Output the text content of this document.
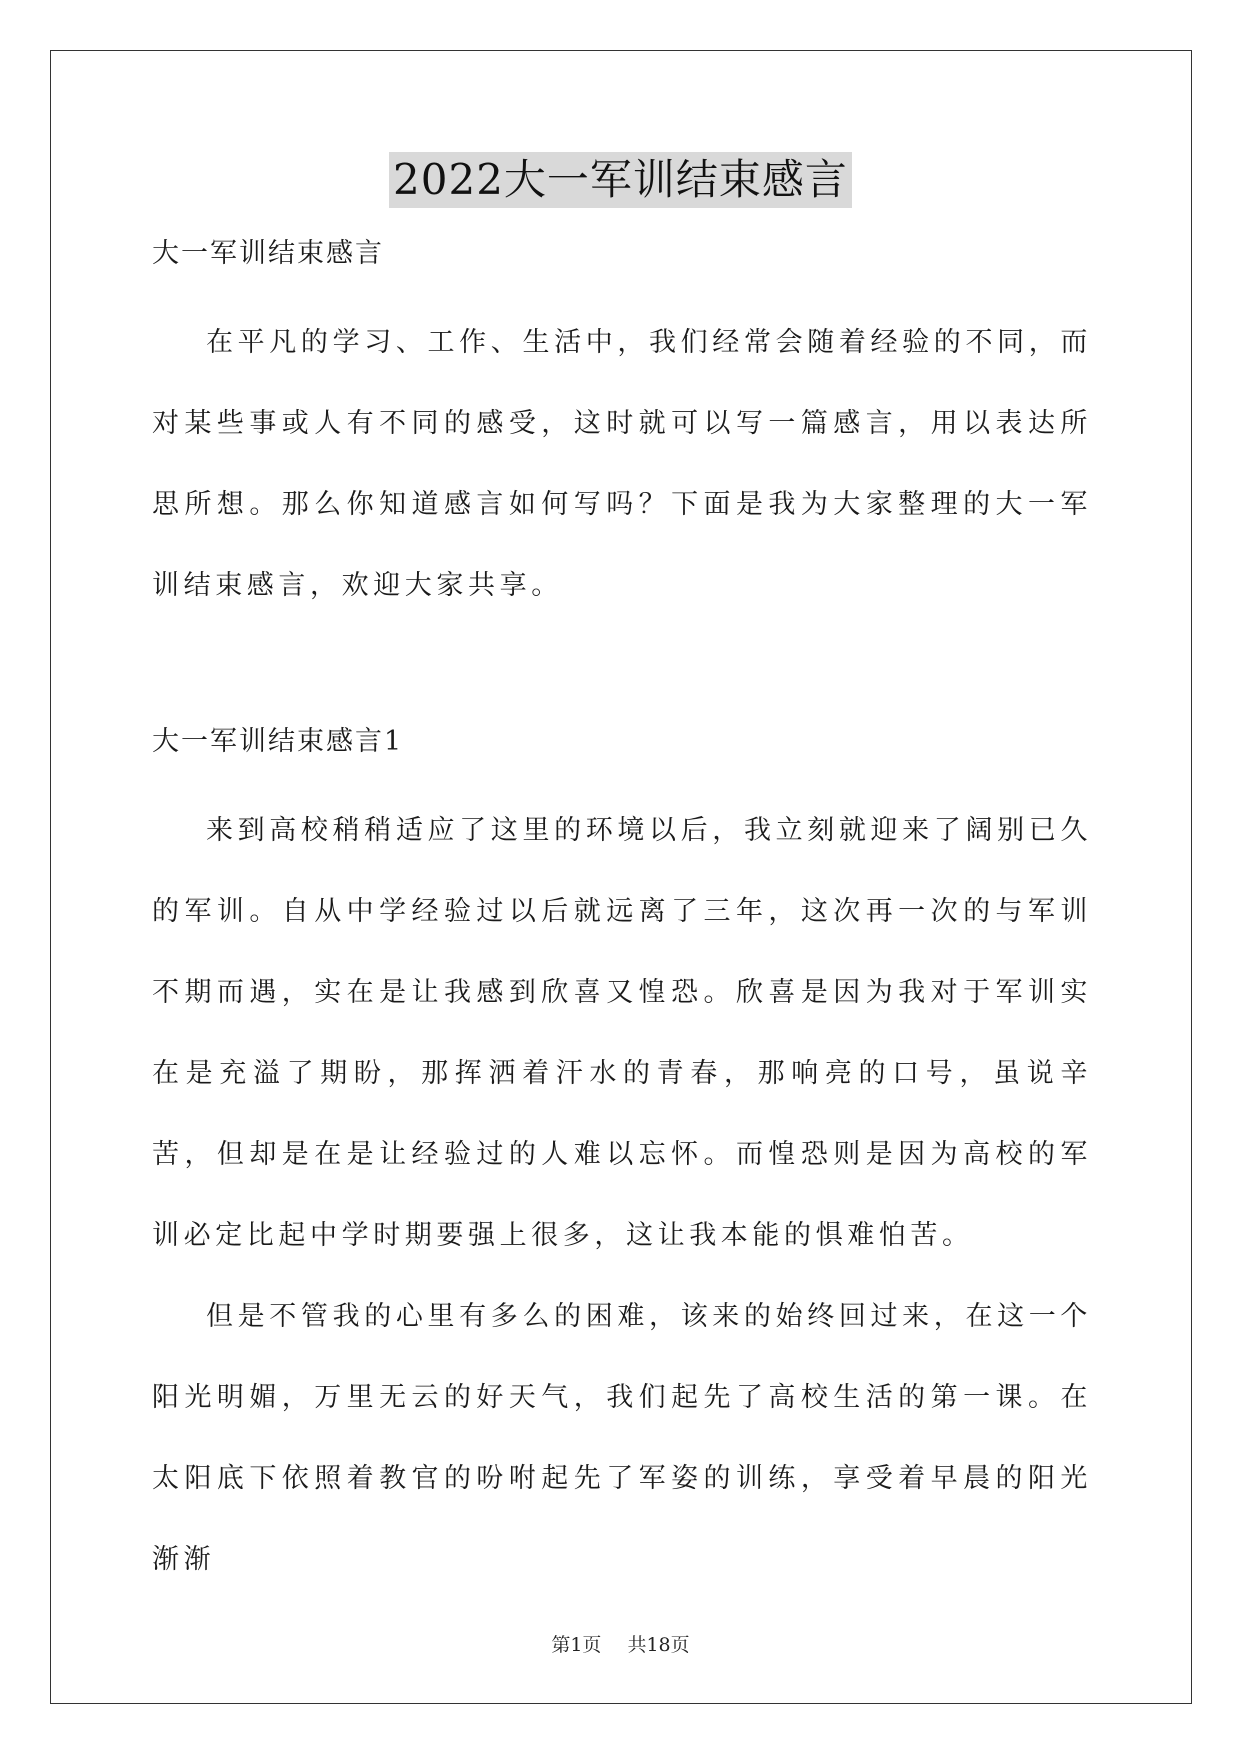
2022大一军训结束感言

大一军训结束感言

在平凡的学习、工作、生活中，我们经常会随着经验的不同，而对某些事或人有不同的感受，这时就可以写一篇感言，用以表达所思所想。那么你知道感言如何写吗？下面是我为大家整理的大一军训结束感言，欢迎大家共享。

大一军训结束感言1

来到高校稍稍适应了这里的环境以后，我立刻就迎来了阔别已久的军训。自从中学经验过以后就远离了三年，这次再一次的与军训不期而遇，实在是让我感到欣喜又惶恐。欣喜是因为我对于军训实在是充溢了期盼，那挥洒着汗水的青春，那响亮的口号，虽说辛苦，但却是在是让经验过的人难以忘怀。而惶恐则是因为高校的军训必定比起中学时期要强上很多，这让我本能的惧难怕苦。

但是不管我的心里有多么的困难，该来的始终回过来，在这一个阳光明媚，万里无云的好天气，我们起先了高校生活的第一课。在太阳底下依照着教官的吩咐起先了军姿的训练，享受着早晨的阳光渐渐

第1页 共18页
